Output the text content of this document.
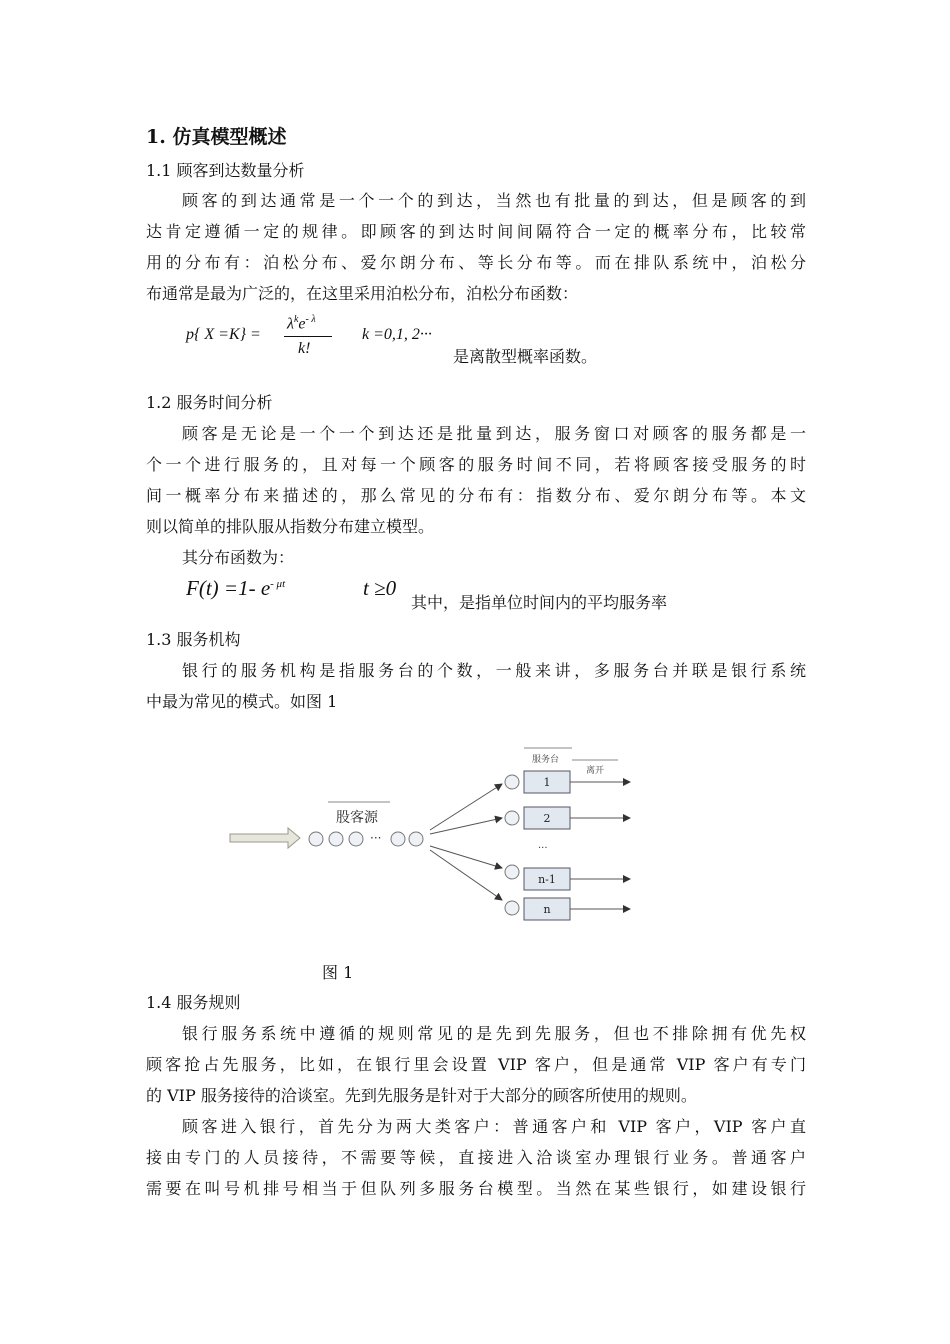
1. 仿真模型概述
1.1 顾客到达数量分析
顾客的到达通常是一个一个的到达，当然也有批量的到达，但是顾客的到
达肯定遵循一定的规律。即顾客的到达时间间隔符合一定的概率分布，比较常
用的分布有：泊松分布、爱尔朗分布、等长分布等。而在排队系统中，泊松分
布通常是最为广泛的，在这里采用泊松分布，泊松分布函数：
p{ X =K} =
$\lambda^ke^{- \lambda}$
k!
k =0,1, 2···
是离散型概率函数。
1.2 服务时间分析
顾客是无论是一个一个到达还是批量到达，服务窗口对顾客的服务都是一
个一个进行服务的，且对每一个顾客的服务时间不同，若将顾客接受服务的时
间一概率分布来描述的，那么常见的分布有：指数分布、爱尔朗分布等。本文
则以简单的排队服从指数分布建立模型。
其分布函数为：
F(t) =1- $e^{- \mu t}$	t ≥0
其中，是指单位时间内的平均服务率
1.3 服务机构
银行的服务机构是指服务台的个数，一般来讲，多服务台并联是银行系统
中最为常见的模式。如图 1
股客源
···
服务台
离开
1
2
···
n-1
n
图 1
1.4 服务规则
银行服务系统中遵循的规则常见的是先到先服务，但也不排除拥有优先权
顾客抢占先服务，比如，在银行里会设置 VIP 客户，但是通常 VIP 客户有专门
的 VIP 服务接待的洽谈室。先到先服务是针对于大部分的顾客所使用的规则。
顾客进入银行，首先分为两大类客户：普通客户和 VIP 客户，VIP 客户直
接由专门的人员接待，不需要等候，直接进入洽谈室办理银行业务。普通客户
需要在叫号机排号相当于但队列多服务台模型。当然在某些银行，如建设银行
